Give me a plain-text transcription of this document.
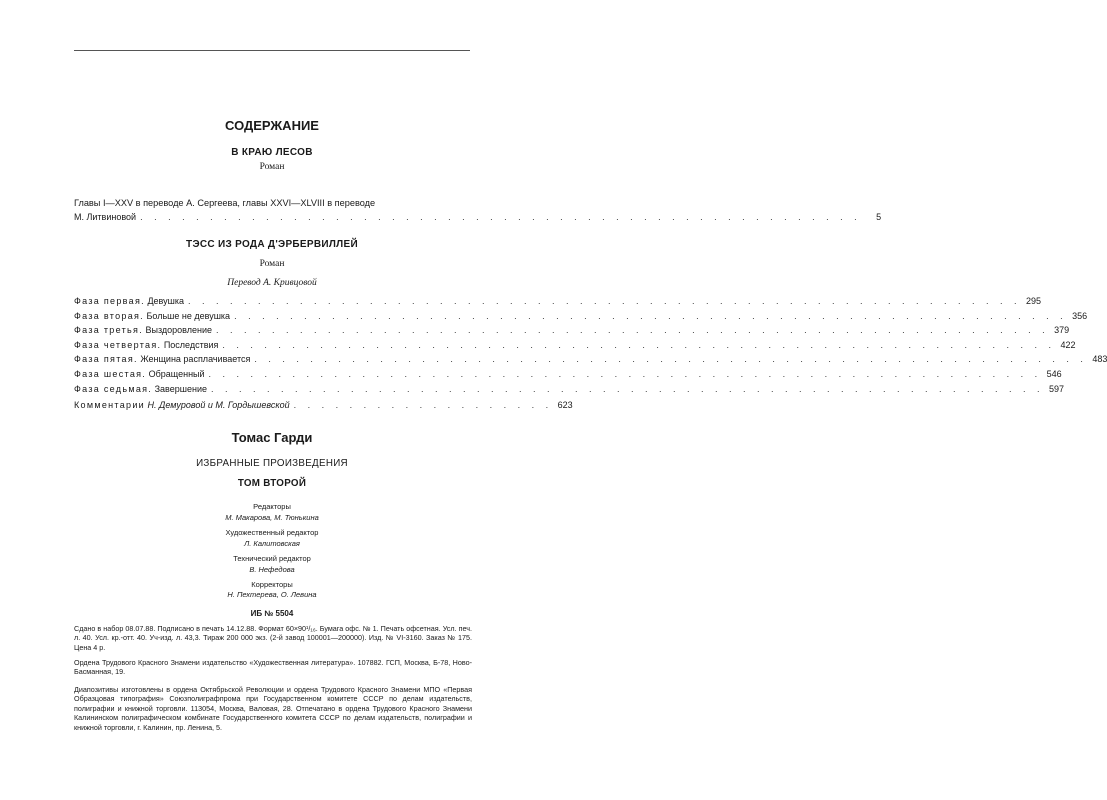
СОДЕРЖАНИЕ
В КРАЮ ЛЕСОВ
Роман
Главы I—XXV в переводе А. Сергеева, главы XXVI—XLVIII в переводе
М. Литвиновой . . . . . . . . . . . . . . . . . . . . . . . . . . . . . . . . . . . . . . . . . . . . . . . . . . . .	5
ТЭСС ИЗ РОДА Д'ЭРБЕРВИЛЛЕЙ
Роман
Перевод А. Кривцовой
Фаза первая. Девушка . . . . . . . . . . . . . . . . . . . . . . . . . . . . . . . . . . . . . . . . . . . . . . . . . . . . . . . . . . . . 295
Фаза вторая. Больше не девушка . . . . . . . . . . . . . . . . . . . . . . . . . . . . . . . . . . . . . . . . . . . . . . . . . . . . . . . . . . . . 356
Фаза третья. Выздоровление . . . . . . . . . . . . . . . . . . . . . . . . . . . . . . . . . . . . . . . . . . . . . . . . . . . . . . . . . . . . 379
Фаза четвертая. Последствия . . . . . . . . . . . . . . . . . . . . . . . . . . . . . . . . . . . . . . . . . . . . . . . . . . . . . . . . . . . . 422
Фаза пятая. Женщина расплачивается . . . . . . . . . . . . . . . . . . . . . . . . . . . . . . . . . . . . . . . . . . . . . . . . . . . . . . . . . . . . 483
Фаза шестая. Обращенный . . . . . . . . . . . . . . . . . . . . . . . . . . . . . . . . . . . . . . . . . . . . . . . . . . . . . . . . . . . . 546
Фаза седьмая. Завершение . . . . . . . . . . . . . . . . . . . . . . . . . . . . . . . . . . . . . . . . . . . . . . . . . . . . . . . . . . . . 597
Комментарии Н. Демуровой и М. Гордышевской . . . . . . . . . . . . . . . . . . . 623
Томас Гарди
ИЗБРАННЫЕ ПРОИЗВЕДЕНИЯ
ТОМ ВТОРОЙ
Редакторы
М. Макарова, М. Тюнькина
Художественный редактор
Л. Калитовская
Технический редактор
В. Нефедова
Корректоры
Н. Пехтерева, О. Левина
ИБ № 5504
Сдано в набор 08.07.88. Подписано в печать 14.12.88. Формат 60×90¹/₁₆. Бумага офс. № 1. Печать офсетная. Усл. печ. л. 40. Усл. кр.-отт. 40. Уч-изд. л. 43,3. Тираж 200 000 экз. (2-й завод 100001—200000). Изд. № VI-3160. Заказ № 175. Цена 4 р.
Ордена Трудового Красного Знамени издательство «Художественная литература». 107882. ГСП, Москва, Б-78, Ново-Басманная, 19.
Диапозитивы изготовлены в ордена Октябрьской Революции и ордена Трудового Красного Знамени МПО «Первая Образцовая типография» Союзполиграфпрома при Государственном комитете СССР по делам издательств, полиграфии и книжной торговли. 113054, Москва, Валовая, 28. Отпечатано в ордена Трудового Красного Знамени Калининском полиграфическом комбинате Государственного комитета СССР по делам издательств, полиграфии и книжной торговли, г. Калинин, пр. Ленина, 5.
